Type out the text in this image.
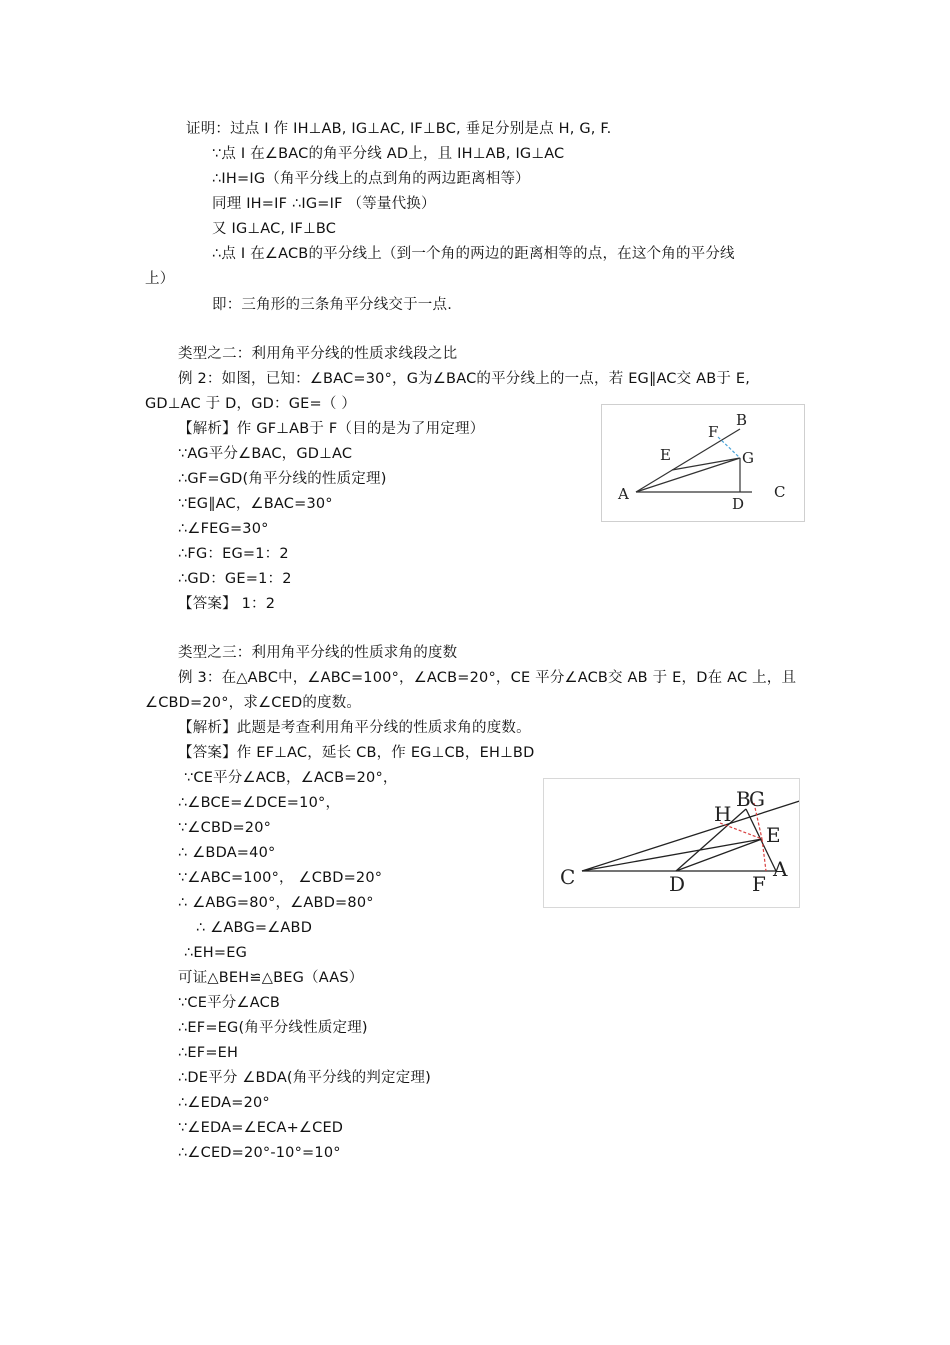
证明：过点 I 作 IH⊥AB, IG⊥AC, IF⊥BC, 垂足分别是点 H, G, F.
∵点 I 在∠BAC的角平分线 AD上，且 IH⊥AB, IG⊥AC
∴IH=IG（角平分线上的点到角的两边距离相等）
同理 IH=IF ∴IG=IF （等量代换）
又 IG⊥AC, IF⊥BC
∴点 I 在∠ACB的平分线上（到一个角的两边的距离相等的点，在这个角的平分线
上）
即：三角形的三条角平分线交于一点.
类型之二：利用角平分线的性质求线段之比
例 2：如图，已知：∠BAC=30°，G为∠BAC的平分线上的一点，若 EG∥AC交 AB于 E,
GD⊥AC 于 D，GD：GE=（ ）
【解析】作 GF⊥AB于 F（目的是为了用定理）
∵AG平分∠BAC，GD⊥AC
∴GF=GD(角平分线的性质定理)
∵EG∥AC，∠BAC=30°
∴∠FEG=30°
∴FG：EG=1：2
∴GD：GE=1：2
【答案】 1：2
A
B
C
D
E
F
G
类型之三：利用角平分线的性质求角的度数
例 3：在△ABC中，∠ABC=100°，∠ACB=20°，CE 平分∠ACB交 AB 于 E，D在 AC 上，且
∠CBD=20°，求∠CED的度数。
【解析】此题是考查利用角平分线的性质求角的度数。
【答案】作 EF⊥AC，延长 CB，作 EG⊥CB，EH⊥BD
∵CE平分∠ACB，∠ACB=20°，
∴∠BCE=∠DCE=10°，
∵∠CBD=20°
∴ ∠BDA=40°
∵∠ABC=100°， ∠CBD=20°
∴ ∠ABG=80°，∠ABD=80°
∴ ∠ABG=∠ABD
∴EH=EG
可证△BEH≌△BEG（AAS）
∵CE平分∠ACB
∴EF=EG(角平分线性质定理)
∴EF=EH
∴DE平分 ∠BDA(角平分线的判定定理)
∴∠EDA=20°
∵∠EDA=∠ECA+∠CED
∴∠CED=20°-10°=10°
C	D	F
A
E
H
B
G
